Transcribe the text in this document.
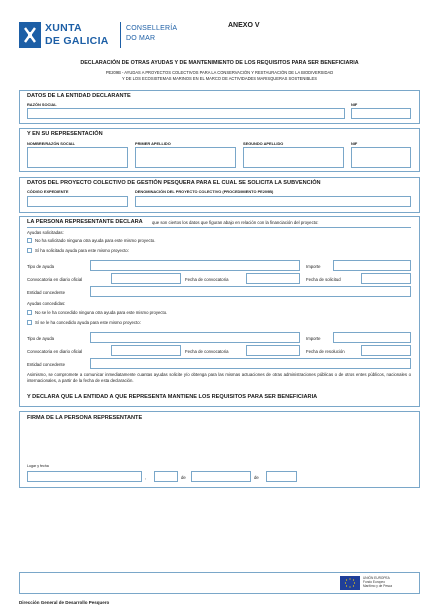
XUNTA
DE GALICIA
CONSELLERÍA
DO MAR
ANEXO V
DECLARACIÓN DE OTRAS AYUDAS Y DE MANTENIMIENTO DE LOS REQUISITOS PARA SER BENEFICIARIA
PE209B - AYUDAS A PROYECTOS COLECTIVOS PARA LA CONSERVACIÓN Y RESTAURACIÓN DE LA BIODIVERSIDAD
Y DE LOS ECOSISTEMAS MARINOS EN EL MARCO DE ACTIVIDADES MARISQUERAS SOSTENIBLES
DATOS DE LA ENTIDAD DECLARANTE
RAZÓN SOCIAL	NIF
Y EN SU REPRESENTACIÓN
NOMBRE/RAZÓN SOCIAL	PRIMER APELLIDO	SEGUNDO APELLIDO	NIF
DATOS DEL PROYECTO COLECTIVO DE GESTIÓN PESQUERA PARA EL CUAL SE SOLICITA LA SUBVENCIÓN
CÓDIGO EXPEDIENTE	DENOMINACIÓN DEL PROYECTO COLECTIVO (PROCEDIMIENTO PE209B)
LA PERSONA REPRESENTANTE DECLARA que son ciertos los datos que figuran abajo en relación con la financiación del proyecto:
Ayudas solicitadas:
No ha solicitado ninguna otra ayuda para este mismo proyecto.
Sí ha solicitado ayuda para este mismo proyecto:
Tipo de ayuda	Importe
Convocatoria en diario oficial	Fecha de convocatoria	Fecha de solicitud
Entidad concedente
Ayudas concedidas:
No se le ha concedido ninguna otra ayuda para este mismo proyecto.
Sí se le ha concedido ayuda para este mismo proyecto:
Tipo de ayuda	Importe
Convocatoria en diario oficial	Fecha de convocatoria	Fecha de resolución
Entidad concedente
Asimismo, se compromete a comunicar inmediatamente cuantas ayudas solicite y/o obtenga para las mismas actuaciones de otras administraciones públicas o de otros entes públicos, nacionales o internacionales, a partir de la fecha de esta declaración.
Y DECLARA QUE LA ENTIDAD A QUE REPRESENTA MANTIENE LOS REQUISITOS PARA SER BENEFICIARIA
FIRMA DE LA PERSONA REPRESENTANTE
Lugar y fecha
,	de	de
UNIÓN EUROPEA
Fondo Europeo
Marítimo y de Pesca
Dirección General de Desarrollo Pesquero
